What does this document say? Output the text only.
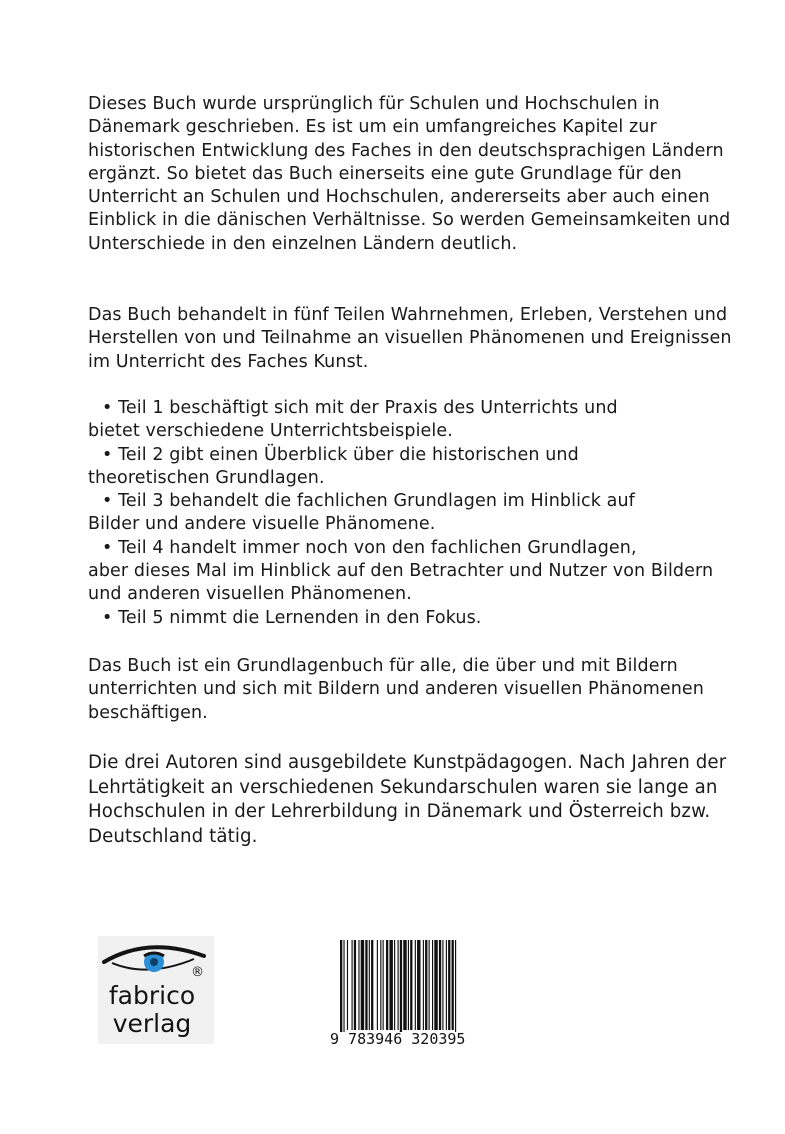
Dieses Buch wurde ursprünglich für Schulen und Hochschulen in Dänemark geschrieben. Es ist um ein umfangreiches Kapitel zur historischen Entwicklung des Faches in den deutschsprachigen Ländern ergänzt. So bietet das Buch einerseits eine gute Grundlage für den Unterricht an Schulen und Hochschulen, andererseits aber auch einen Einblick in die dänischen Verhältnisse. So werden Gemeinsamkeiten und Unterschiede in den einzelnen Ländern deutlich.

Das Buch behandelt in fünf Teilen Wahrnehmen, Erleben, Verstehen und Herstellen von und Teilnahme an visuellen Phänomenen und Ereignissen im Unterricht des Faches Kunst.

• Teil 1 beschäftigt sich mit der Praxis des Unterrichts und
bietet verschiedene Unterrichtsbeispiele.
• Teil 2 gibt einen Überblick über die historischen und
theoretischen Grundlagen.
• Teil 3 behandelt die fachlichen Grundlagen im Hinblick auf
Bilder und andere visuelle Phänomene.
• Teil 4 handelt immer noch von den fachlichen Grundlagen,
aber dieses Mal im Hinblick auf den Betrachter und Nutzer von Bildern und anderen visuellen Phänomenen.
• Teil 5 nimmt die Lernenden in den Fokus.

Das Buch ist ein Grundlagenbuch für alle, die über und mit Bildern unterrichten und sich mit Bildern und anderen visuellen Phänomenen beschäftigen.

Die drei Autoren sind ausgebildete Kunstpädagogen. Nach Jahren der Lehrtätigkeit an verschiedenen Sekundarschulen waren sie lange an Hochschulen in der Lehrerbildung in Dänemark und Österreich bzw. Deutschland tätig.

®
fabrico
verlag
9 783946 320395
